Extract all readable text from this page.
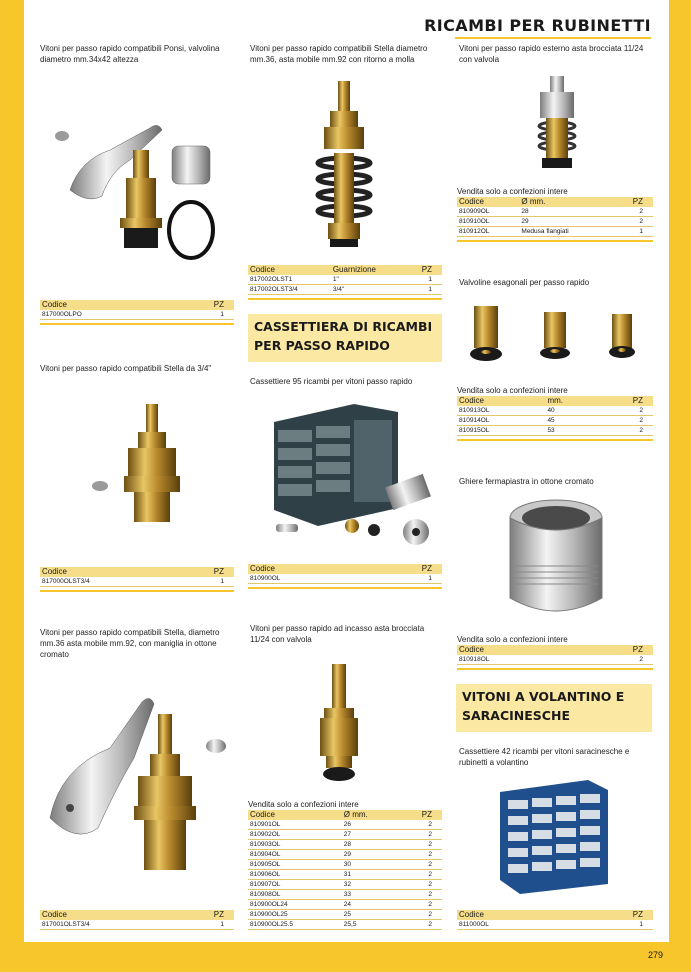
279
RICAMBI PER RUBINETTI
Vitoni per passo rapido compatibili Ponsi, valvolina diametro mm.34x42 altezza
Codice	PZ
817000OLPO	1
Vitoni per passo rapido compatibili Stella diametro mm.36, asta mobile mm.92 con ritorno a molla
Codice	Guarnizione	PZ
817002OLST1	1"	1
817002OLST3/4	3/4"	1
Vitoni per passo rapido esterno asta brocciata 11/24 con valvola
Vendita solo a confezioni intere
Codice	Ø mm.	PZ
810909OL	28	2
810910OL	29	2
810912OL	Medusa flangiati	1
Vitoni per passo rapido compatibili Stella da 3/4"
Codice	PZ
817000OLST3/4	1
CASSETTIERA DI RICAMBI PER PASSO RAPIDO
Cassettiere 95 ricambi per vitoni passo rapido
Codice	PZ
810900OL	1
Valvoline esagonali per passo rapido
Vendita solo a confezioni intere
Codice	mm.	PZ
810913OL	40	2
810914OL	45	2
810915OL	53	2
Ghiere fermapiastra in ottone cromato
Vendita solo a confezioni intere
Codice	PZ
810918OL	2
Vitoni per passo rapido compatibili Stella, diametro mm.36 asta mobile mm.92, con maniglia in ottone cromato
Codice	PZ
817001OLST3/4	1
Vitoni per passo rapido ad incasso asta brocciata 11/24 con valvola
Vendita solo a confezioni intere
Codice	Ø mm.	PZ
810901OL	26	2
810902OL	27	2
810903OL	28	2
810904OL	29	2
810905OL	30	2
810906OL	31	2
810907OL	32	2
810908OL	33	2
810900OL24	24	2
810900OL25	25	2
810900OL25.5	25,5	2
VITONI A VOLANTINO E SARACINESCHE
Cassettiere 42 ricambi per vitoni saracinesche e rubinetti a volantino
Codice	PZ
811000OL	1
